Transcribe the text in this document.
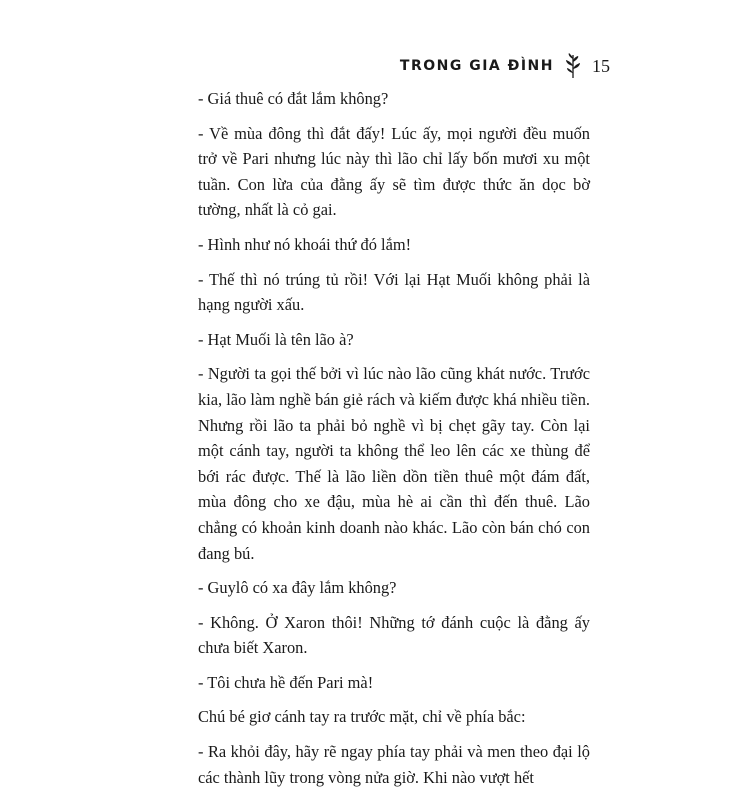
TRONG GIA ĐÌNH 15

- Giá thuê có đắt lắm không?

- Về mùa đông thì đắt đấy! Lúc ấy, mọi người đều muốn trở về Pari nhưng lúc này thì lão chỉ lấy bốn mươi xu một tuần. Con lừa của đằng ấy sẽ tìm được thức ăn dọc bờ tường, nhất là cỏ gai.

- Hình như nó khoái thứ đó lắm!

- Thế thì nó trúng tủ rồi! Với lại Hạt Muối không phải là hạng người xấu.

- Hạt Muối là tên lão à?

- Người ta gọi thế bởi vì lúc nào lão cũng khát nước. Trước kia, lão làm nghề bán giẻ rách và kiếm được khá nhiều tiền. Nhưng rồi lão ta phải bỏ nghề vì bị chẹt gãy tay. Còn lại một cánh tay, người ta không thể leo lên các xe thùng để bới rác được. Thế là lão liền dồn tiền thuê một đám đất, mùa đông cho xe đậu, mùa hè ai cần thì đến thuê. Lão chẳng có khoản kinh doanh nào khác. Lão còn bán chó con đang bú.

- Guylô có xa đây lắm không?

- Không. Ở Xaron thôi! Những tớ đánh cuộc là đằng ấy chưa biết Xaron.

- Tôi chưa hề đến Pari mà!

Chú bé giơ cánh tay ra trước mặt, chỉ về phía bắc:

- Ra khỏi đây, hãy rẽ ngay phía tay phải và men theo đại lộ các thành lũy trong vòng nửa giờ. Khi nào vượt hết
